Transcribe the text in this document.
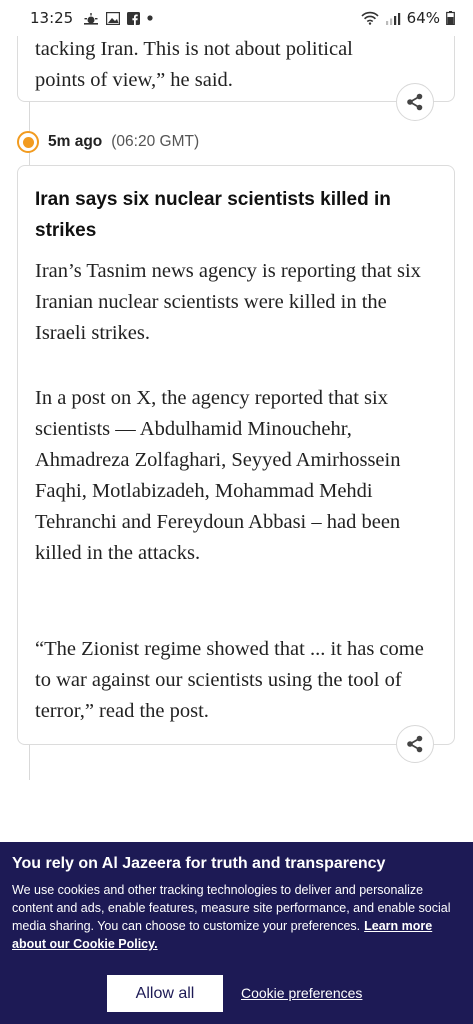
13:25	64%
tacking Iran. This is not about political
points of view,” he said.
5m ago (06:20 GMT)
Iran says six nuclear scientists killed in strikes
Iran’s Tasnim news agency is reporting that six Iranian nuclear scientists were killed in the Israeli strikes.
In a post on X, the agency reported that six scientists — Abdulhamid Minouchehr, Ahmadreza Zolfaghari, Seyyed Amirhossein Faqhi, Motlabizadeh, Mohammad Mehdi Tehranchi and Fereydoun Abbasi – had been killed in the attacks.
“The Zionist regime showed that ... it has come to war against our scientists using the tool of terror,” read the post.
You rely on Al Jazeera for truth and transparency
We use cookies and other tracking technologies to deliver and personalize content and ads, enable features, measure site performance, and enable social media sharing. You can choose to customize your preferences. Learn more about our Cookie Policy.
Allow all	Cookie preferences
